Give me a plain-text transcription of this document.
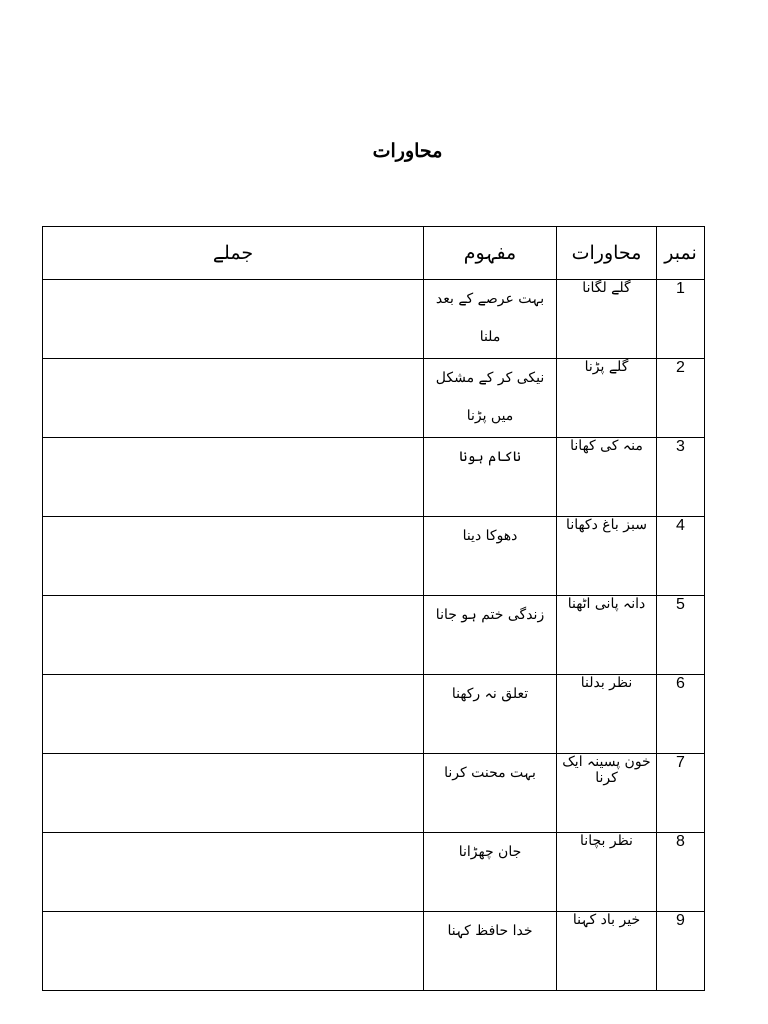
محاورات
نمبر	محاورات	مفہوم	جملے
1	گلے لگانا	بہت عرصے کے بعد ملنا	
2	گلے پڑنا	نیکی کر کے مشکل میں پڑنا	
3	منہ کی کھانا	ناکام ہونا	
4	سبز باغ دکھانا	دھوکا دینا	
5	دانہ پانی اٹھنا	زندگی ختم ہو جانا	
6	نظر بدلنا	تعلق نہ رکھنا	
7	خون پسینہ ایک کرنا	بہت محنت کرنا	
8	نظر بچانا	جان چھڑانا	
9	خیر باد کہنا	خدا حافظ کہنا	
